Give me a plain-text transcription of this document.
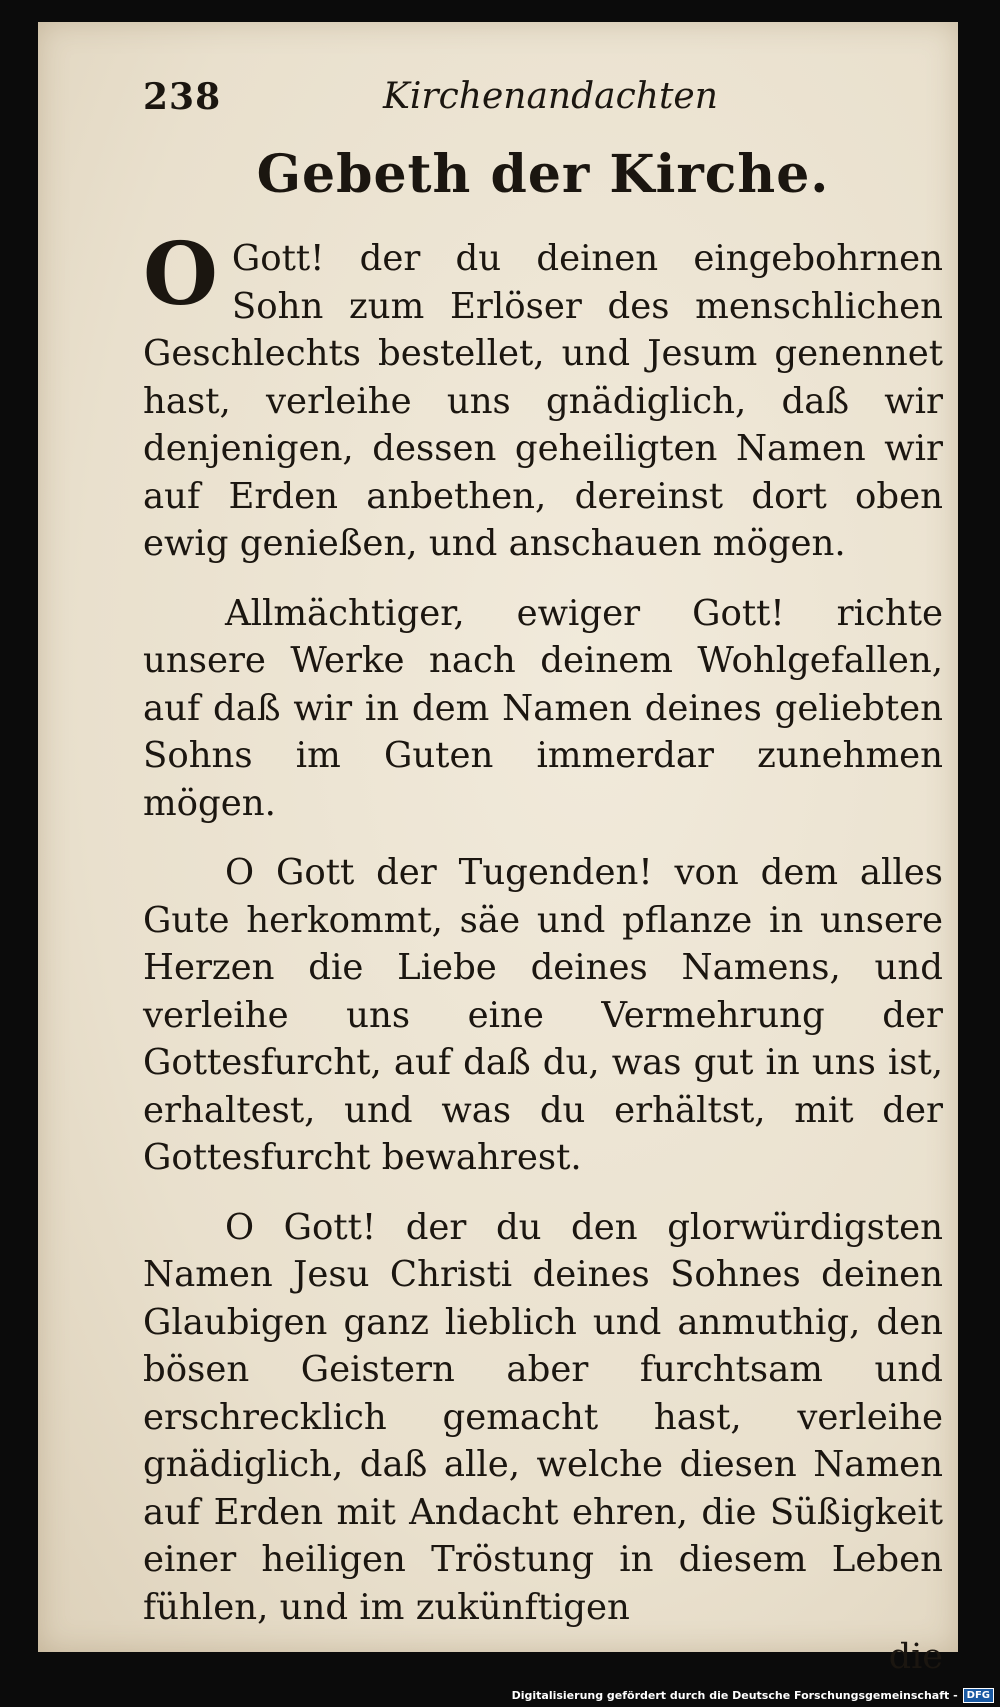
238	Kirchenandachten
Gebeth der Kirche.

O Gott! der du deinen eingebohrnen Sohn zum Erlöser des menschlichen Geschlechts bestellet, und Jesum genennet hast, verleihe uns gnädiglich, daß wir denjenigen, dessen geheiligten Namen wir auf Erden anbethen, dereinst dort oben ewig genießen, und anschauen mögen.

Allmächtiger, ewiger Gott! richte unsere Werke nach deinem Wohlgefallen, auf daß wir in dem Namen deines geliebten Sohns im Guten immerdar zunehmen mögen.

O Gott der Tugenden! von dem alles Gute herkommt, säe und pflanze in unsere Herzen die Liebe deines Namens, und verleihe uns eine Vermehrung der Gottesfurcht, auf daß du, was gut in uns ist, erhaltest, und was du erhältst, mit der Gottesfurcht bewahrest.

O Gott! der du den glorwürdigsten Namen Jesu Christi deines Sohnes deinen Glaubigen ganz lieblich und anmuthig, den bösen Geistern aber furchtsam und erschrecklich gemacht hast, verleihe gnädiglich, daß alle, welche diesen Namen auf Erden mit Andacht ehren, die Süßigkeit einer heiligen Tröstung in diesem Leben fühlen, und im zukünftigen

die
Digitalisierung gefördert durch die Deutsche Forschungsgemeinschaft - DFG
